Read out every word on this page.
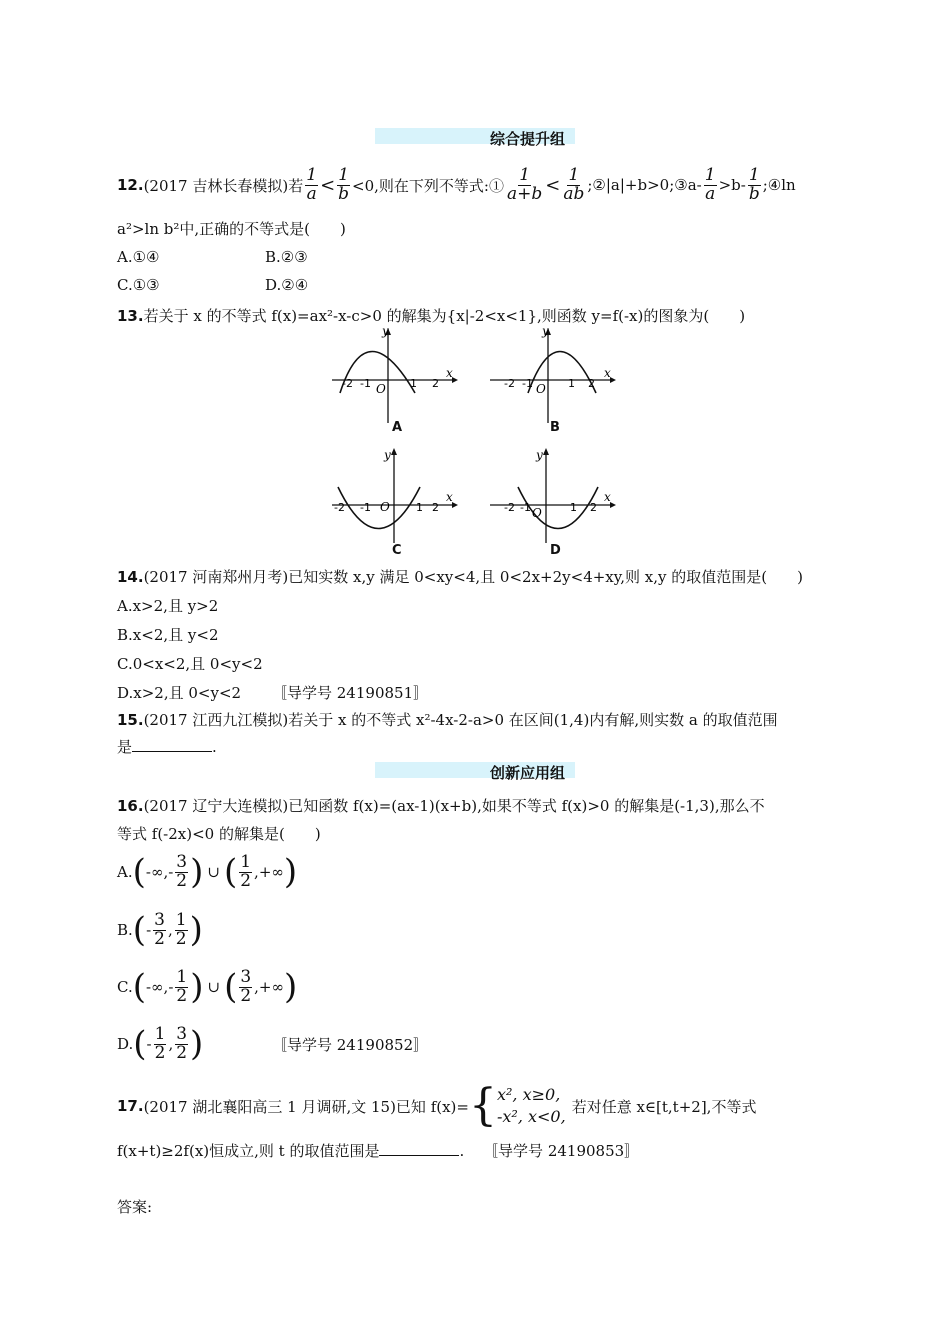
综合提升组
12. (2017 吉林长春模拟)若 $\frac{1}{a} < \frac{1}{b} <0$,则在下列不等式:① $\frac{1}{a+b} < \frac{1}{ab}$ ;②|a|+b>0;③a- $\frac{1}{a} >b- \frac{1}{b}$ ;④ln
a²>ln b²中,正确的不等式是(　　)
A.①④	B.②③
C.①③	D.②④
13.若关于 x 的不等式 f(x)=ax²-x-c>0 的解集为{x|-2<x<1},则函数 y=f(-x)的图象为(　　)
y
x
-2 -1 O 1 2
A
y
x
-2 -1 O 1 2
B
y
x
-2 -1 O 1 2
C
y
x
-2 -1 O	1 2
D
14.(2017 河南郑州月考)已知实数 x,y 满足 0<xy<4,且 0<2x+2y<4+xy,则 x,y 的取值范围是(　　)
A.x>2,且 y>2
B.x<2,且 y<2
C.0<x<2,且 0<y<2
D.x>2,且 0<y<2 〚导学号 24190851〛
15.(2017 江西九江模拟)若关于 x 的不等式 x²-4x-2-a>0 在区间(1,4)内有解,则实数 a 的取值范围
是	.
创新应用组
16.(2017 辽宁大连模拟)已知函数 f(x)=(ax-1)(x+b),如果不等式 f(x)>0 的解集是(-1,3),那么不
等式 f(-2x)<0 的解集是(　　)
A. ( -∞,- $\frac{3}{2}$ ) ∪ ( $\frac{1}{2}$ ,+∞ )
B. ( - $\frac{3}{2}$ , $\frac{1}{2}$ )
C. ( -∞,- $\frac{1}{2}$ ) ∪ ( $\frac{3}{2}$ ,+∞ )
D. ( - $\frac{1}{2}$ , $\frac{3}{2}$ )	〚导学号 24190852〛
17. (2017 湖北襄阳高三 1 月调研,文 15)已知 f(x)= { x², x≥0,
-x², x<0,
若对任意 x∈[t,t+2],不等式
f(x+t)≥2f(x)恒成立,则 t 的取值范围是	. 〚导学号 24190853〛
答案:
